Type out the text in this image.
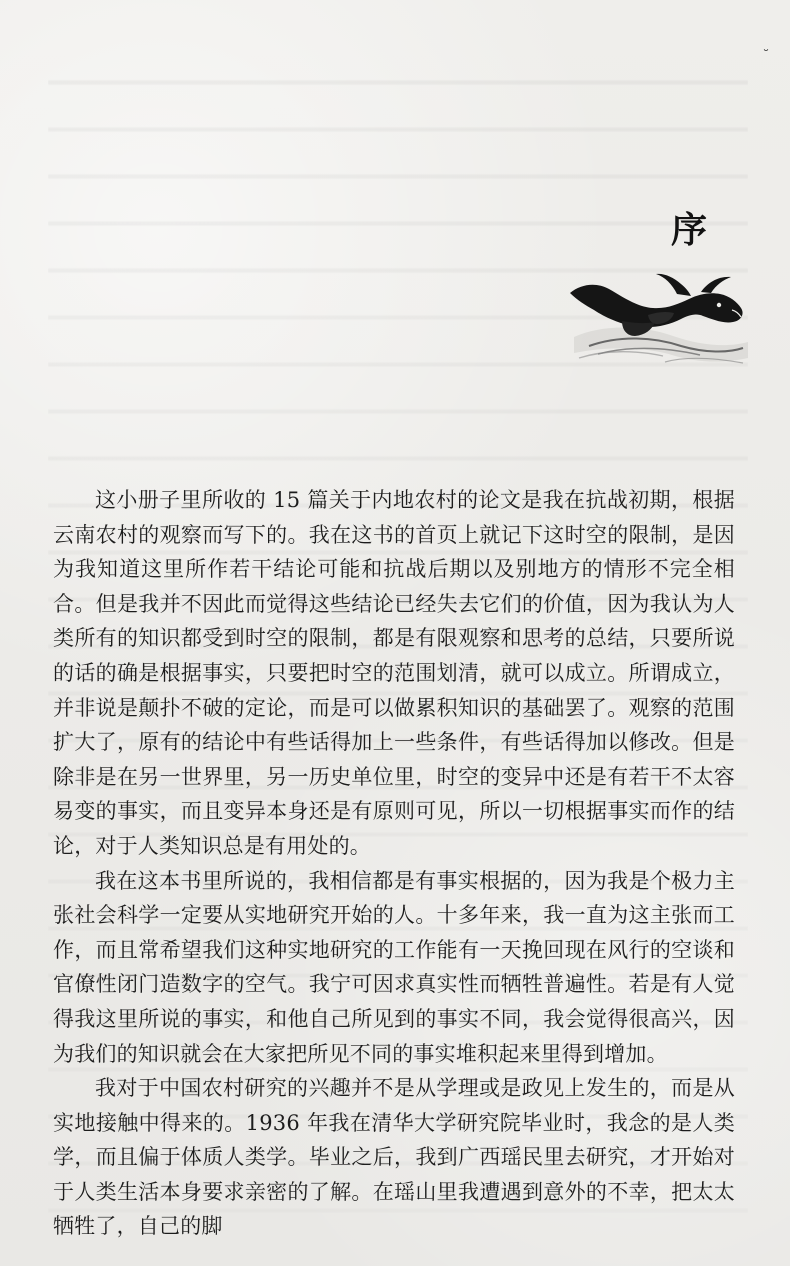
˘
序

这小册子里所收的 15 篇关于内地农村的论文是我在抗战初期，根据云南农村的观察而写下的。我在这书的首页上就记下这时空的限制，是因为我知道这里所作若干结论可能和抗战后期以及别地方的情形不完全相合。但是我并不因此而觉得这些结论已经失去它们的价值，因为我认为人类所有的知识都受到时空的限制，都是有限观察和思考的总结，只要所说的话的确是根据事实，只要把时空的范围划清，就可以成立。所谓成立，并非说是颠扑不破的定论，而是可以做累积知识的基础罢了。观察的范围扩大了，原有的结论中有些话得加上一些条件，有些话得加以修改。但是除非是在另一世界里，另一历史单位里，时空的变异中还是有若干不太容易变的事实，而且变异本身还是有原则可见，所以一切根据事实而作的结论，对于人类知识总是有用处的。

我在这本书里所说的，我相信都是有事实根据的，因为我是个极力主张社会科学一定要从实地研究开始的人。十多年来，我一直为这主张而工作，而且常希望我们这种实地研究的工作能有一天挽回现在风行的空谈和官僚性闭门造数字的空气。我宁可因求真实性而牺牲普遍性。若是有人觉得我这里所说的事实，和他自己所见到的事实不同，我会觉得很高兴，因为我们的知识就会在大家把所见不同的事实堆积起来里得到增加。

我对于中国农村研究的兴趣并不是从学理或是政见上发生的，而是从实地接触中得来的。1936 年我在清华大学研究院毕业时，我念的是人类学，而且偏于体质人类学。毕业之后，我到广西瑶民里去研究，才开始对于人类生活本身要求亲密的了解。在瑶山里我遭遇到意外的不幸，把太太牺牲了，自己的脚
